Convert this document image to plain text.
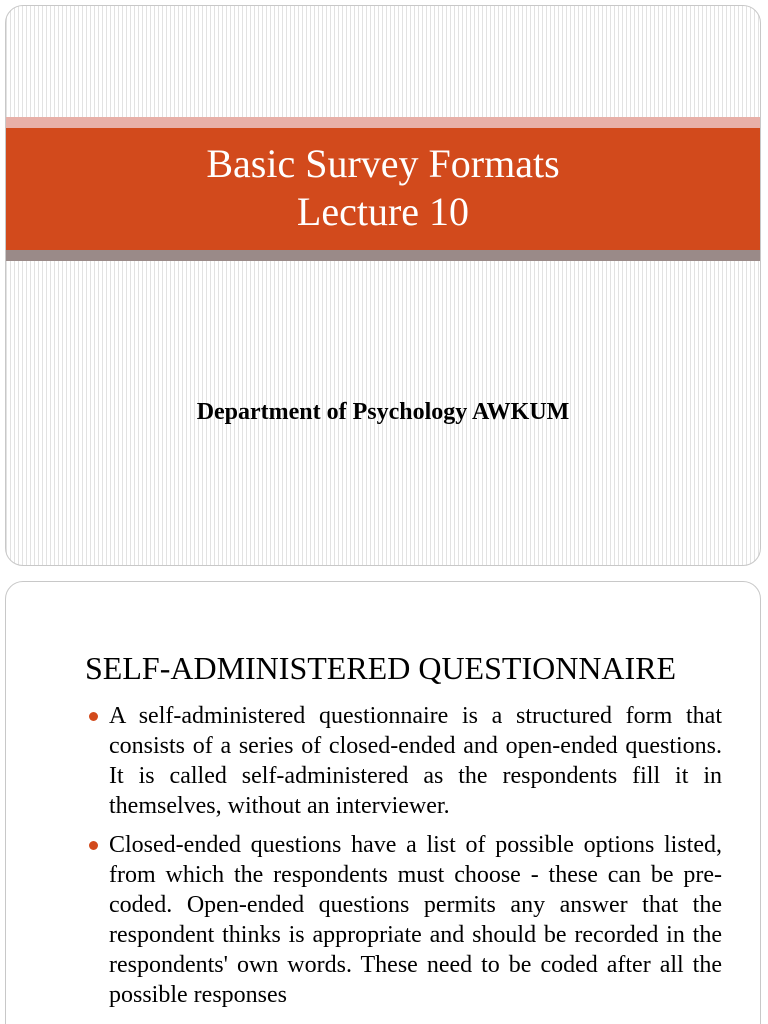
Basic Survey Formats
Lecture 10
Department of Psychology AWKUM
SELF-ADMINISTERED QUESTIONNAIRE
A self-administered questionnaire is a structured form that consists of a series of closed-ended and open-ended questions. It is called self-administered as the respondents fill it in themselves, without an interviewer.
Closed-ended questions have a list of possible options listed, from which the respondents must choose - these can be pre-coded. Open-ended questions permits any answer that the respondent thinks is appropriate and should be recorded in the respondents' own words. These need to be coded after all the possible responses
